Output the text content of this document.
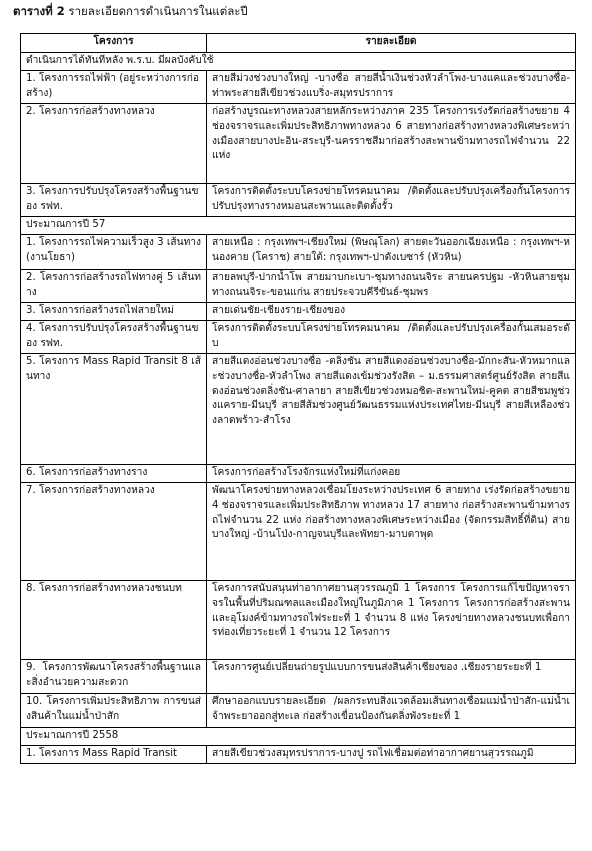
ตารางที่ 2 รายละเอียดการดำเนินการในแต่ละปี
โครงการ	รายละเอียด
ดำเนินการได้ทันทีหลัง พ.ร.บ. มีผลบังคับใช้	
1. โครงการรถไฟฟ้า (อยู่ระหว่างการก่อสร้าง)	สายสีม่วงช่วงบางใหญ่ -บางซื่อ สายสีน้ำเงินช่วงหัวลำโพง-บางแคและช่วงบางซื่อ-ท่าพระสายสีเขียวช่วงแบริ่ง-สมุทรปราการ
2. โครงการก่อสร้างทางหลวง	ก่อสร้างบูรณะทางหลวงสายหลักระหว่างภาค 235 โครงการเร่งรัดก่อสร้างขยาย 4 ช่องจราจรและเพิ่มประสิทธิภาพทางหลวง 6 สายทางก่อสร้างทางหลวงพิเศษระหว่างเมืองสายบางปะอิน-สระบุรี-นครราชสีมาก่อสร้างสะพานข้ามทางรถไฟจำนวน 22 แห่ง
3. โครงการปรับปรุงโครงสร้างพื้นฐานของ รฟท.	โครงการติดตั้งระบบโครงข่ายโทรคมนาคม /ติดตั้งและปรับปรุงเครื่องกั้นโครงการปรับปรุงทางรางหมอนสะพานและติดตั้งรั้ว
ประมาณการปี 57	
1. โครงการรถไฟความเร็วสูง 3 เส้นทาง (งานโยธา)	สายเหนือ : กรุงเทพฯ-เชียงใหม่ (พิษณุโลก) สายตะวันออกเฉียงเหนือ : กรุงเทพฯ-หนองคาย (โคราช) สายใต้: กรุงเทพฯ-ปาดังเบซาร์ (หัวหิน)
2. โครงการก่อสร้างรถไฟทางคู่ 5 เส้นทาง	สายลพบุรี-ปากน้ำโพ สายมาบกะเบา-ชุมทางถนนจิระ สายนครปฐม -หัวหินสายชุมทางถนนจิระ-ขอนแก่น สายประจวบคีรีขันธ์-ชุมพร
3. โครงการก่อสร้างรถไฟสายใหม่	สายเด่นชัย-เชียงราย-เชียงของ
4. โครงการปรับปรุงโครงสร้างพื้นฐานของ รฟท.	โครงการติดตั้งระบบโครงข่ายโทรคมนาคม /ติดตั้งและปรับปรุงเครื่องกั้นเสมอระดับ
5. โครงการ Mass Rapid Transit 8 เส้นทาง	สายสีแดงอ่อนช่วงบางซื่อ -ตลิ่งชัน สายสีแดงอ่อนช่วงบางซื่อ-มักกะสัน-หัวหมากและช่วงบางซื่อ-หัวลำโพง สายสีแดงเข้มช่วงรังสิต – ม.ธรรมศาสตร์ศูนย์รังสิต สายสีแดงอ่อนช่วงตลิ่งชัน-ศาลายา สายสีเขียวช่วงหมอชิต-สะพานใหม่-คูคต สายสีชมพูช่วงแคราย-มีนบุรี สายสีส้มช่วงศูนย์วัฒนธรรมแห่งประเทศไทย-มีนบุรี สายสีเหลืองช่วงลาดพร้าว-สำโรง
6. โครงการก่อสร้างทางราง	โครงการก่อสร้างโรงจักรแห่งใหม่ที่แก่งคอย
7. โครงการก่อสร้างทางหลวง	พัฒนาโครงข่ายทางหลวงเชื่อมโยงระหว่างประเทศ 6 สายทาง เร่งรัดก่อสร้างขยาย 4 ช่องจราจรและเพิ่มประสิทธิภาพ ทางหลวง 17 สายทาง ก่อสร้างสะพานข้ามทางรถไฟจำนวน 22 แห่ง ก่อสร้างทางหลวงพิเศษระหว่างเมือง (จัดกรรมสิทธิ์ที่ดิน) สายบางใหญ่ -บ้านโป่ง-กาญจนบุรีและพัทยา-มาบตาพุด
8. โครงการก่อสร้างทางหลวงชนบท	โครงการสนับสนุนท่าอากาศยานสุวรรณภูมิ 1 โครงการ โครงการแก้ไขปัญหาจราจรในพื้นที่ปริมณฑลและเมืองใหญ่ในภูมิภาค 1 โครงการ โครงการก่อสร้างสะพานและอุโมงค์ข้ามทางรถไฟระยะที่ 1 จำนวน 8 แห่ง โครงข่ายทางหลวงชนบทเพื่อการท่องเที่ยวระยะที่ 1 จำนวน 12 โครงการ
9. โครงการพัฒนาโครงสร้างพื้นฐานและสิ่งอำนวยความสะดวก	โครงการศูนย์เปลี่ยนถ่ายรูปแบบการขนส่งสินค้าเชียงของ .เชียงรายระยะที่ 1
10. โครงการเพิ่มประสิทธิภาพ การขนส่งสินค้าในแม่น้ำป่าสัก	ศึกษาออกแบบรายละเอียด /ผลกระทบสิ่งแวดล้อมเส้นทางเชื่อมแม่น้ำป่าสัก-แม่น้ำเจ้าพระยาออกสู่ทะเล ก่อสร้างเขื่อนป้องกันตลิ่งพังระยะที่ 1
ประมาณการปี 2558	
1. โครงการ Mass Rapid Transit	สายสีเขียวช่วงสมุทรปราการ-บางปู รถไฟเชื่อมต่อท่าอากาศยานสุวรรณภูมิ
